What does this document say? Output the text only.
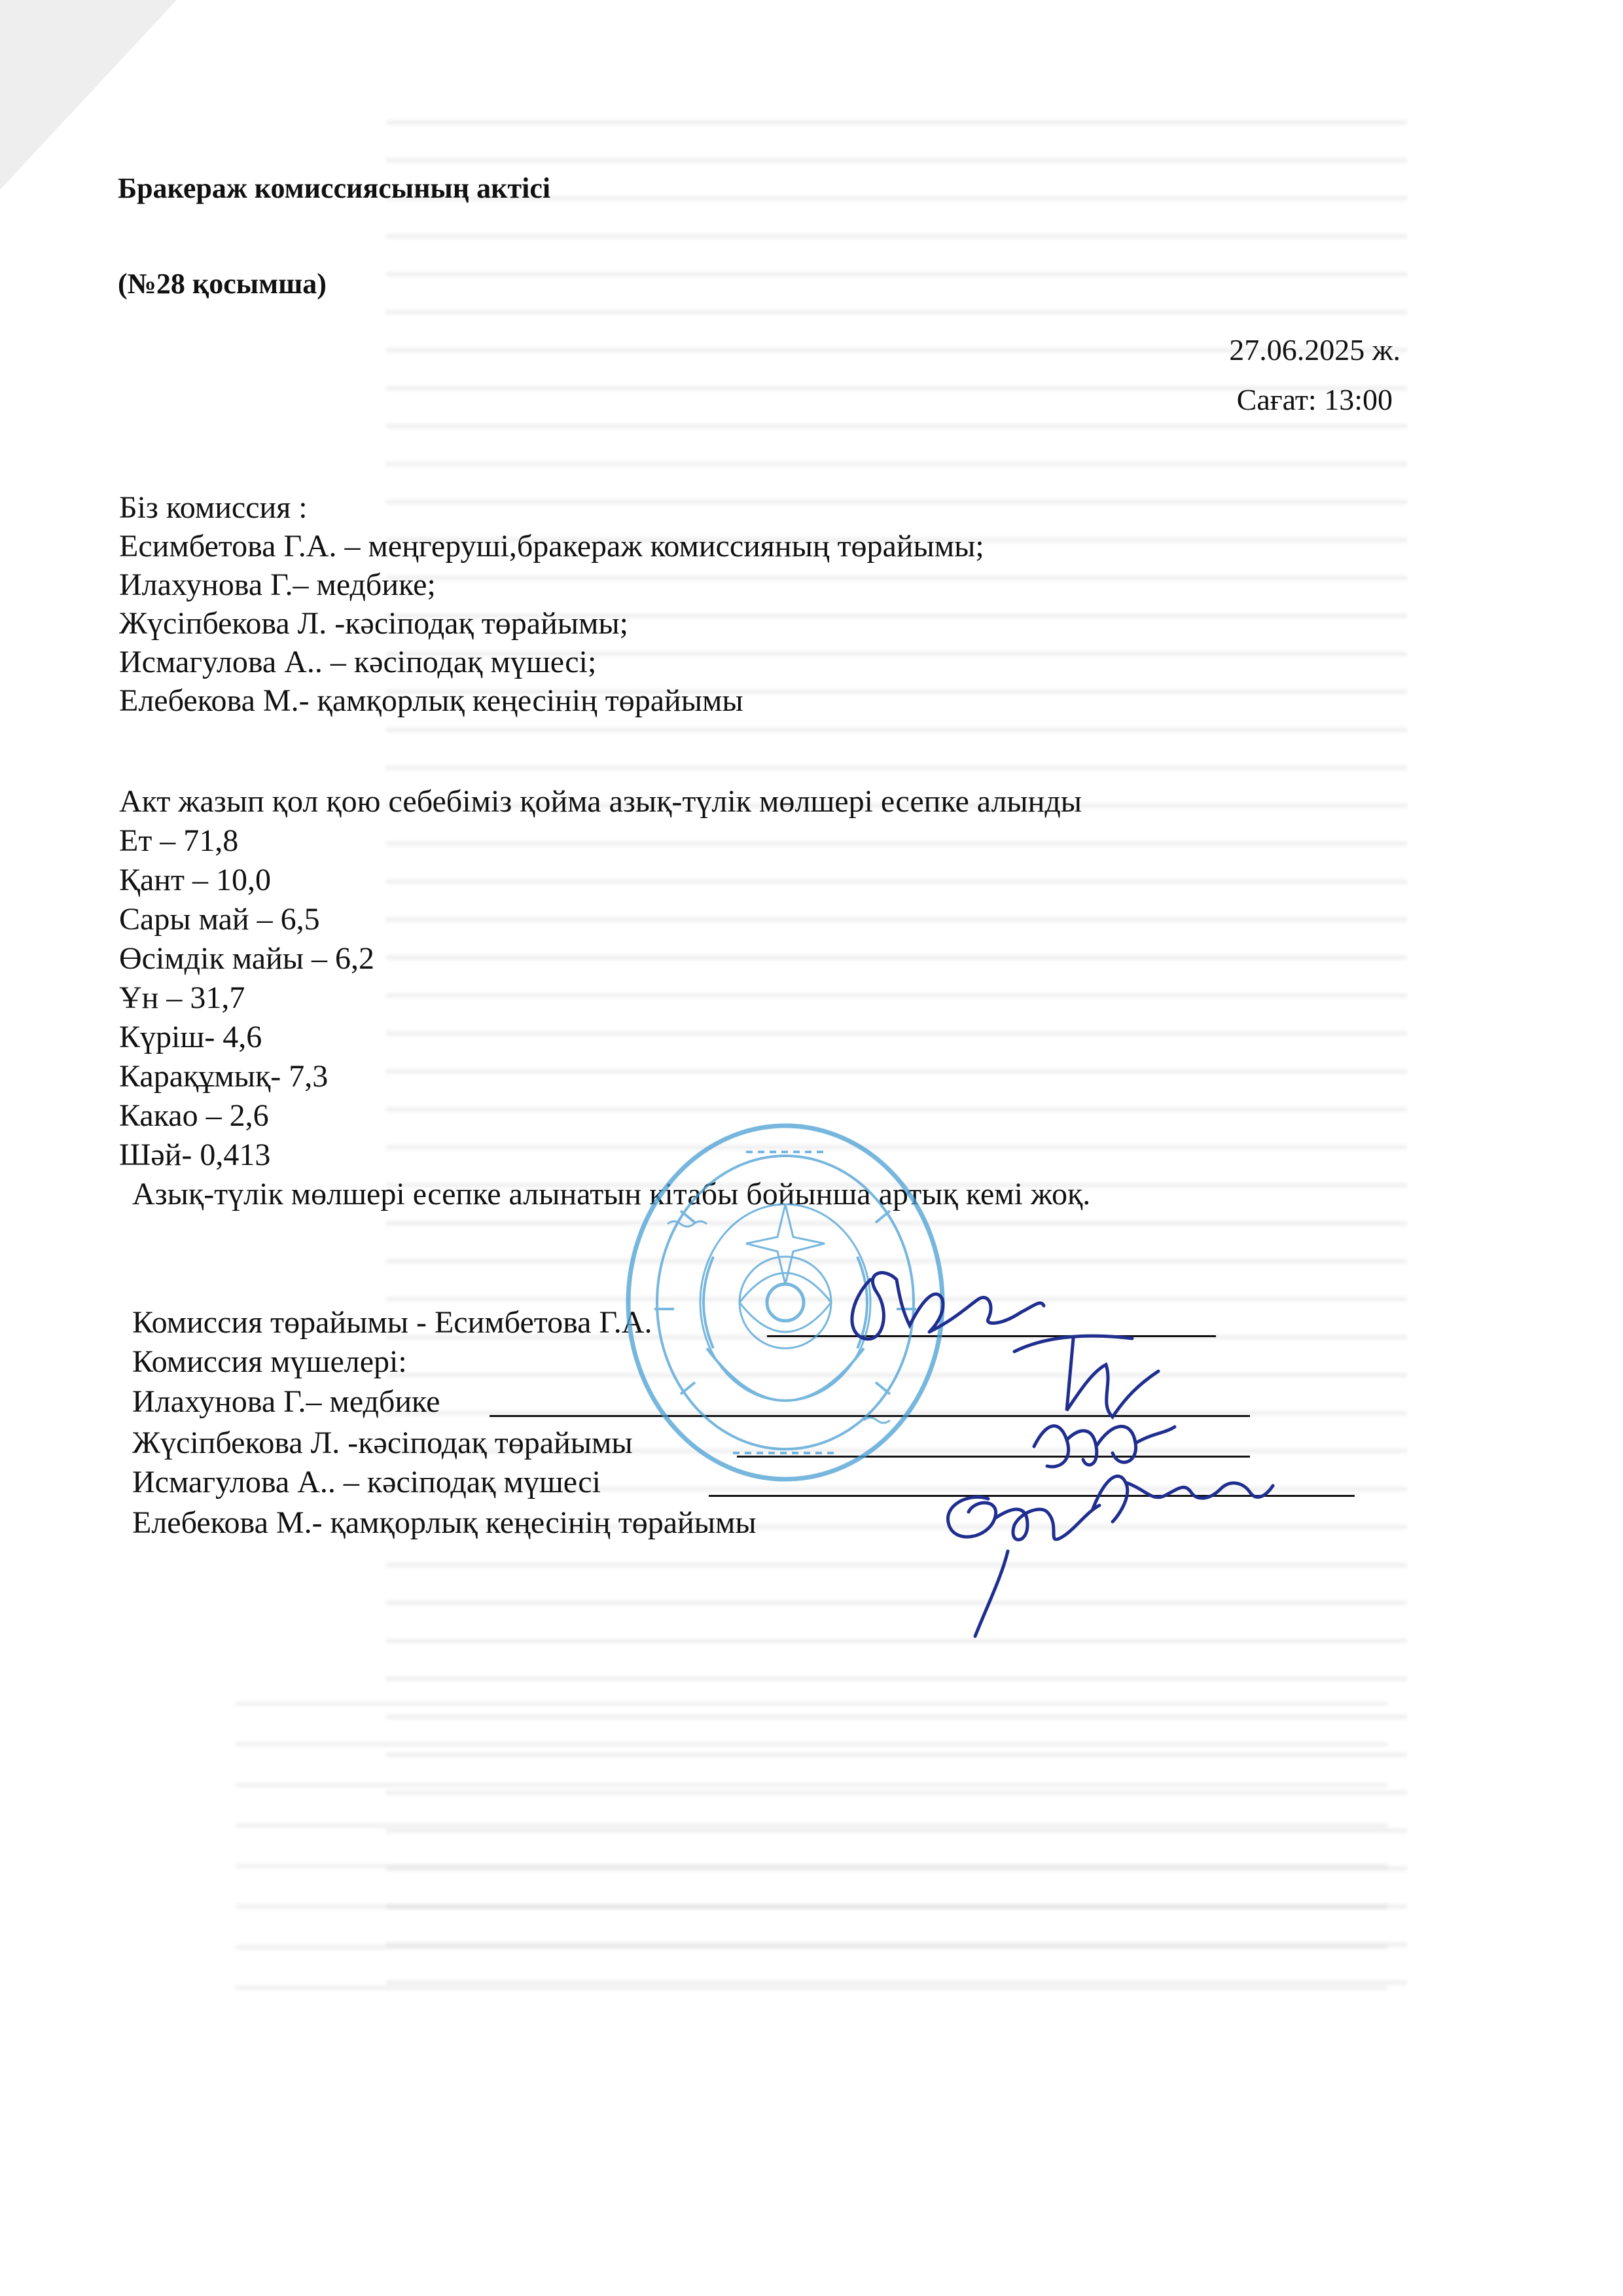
Бракераж комиссиясының актісі
(№28 қосымша)
27.06.2025 ж.
Сағат: 13:00
Біз комиссия :
Есимбетова Г.А. – меңгеруші,бракераж комиссияның төрайымы;
Илахунова Г.– медбике;
Жүсіпбекова Л. -кәсіподақ төрайымы;
Исмагулова А.. – кәсіподақ мүшесі;
Елебекова М.- қамқорлық кеңесінің төрайымы
Акт жазып қол қою себебіміз қойма азық-түлік мөлшері есепке алынды
Ет – 71,8
Қант – 10,0
Сары май – 6,5
Өсімдік майы – 6,2
Ұн – 31,7
Күріш- 4,6
Карақұмық- 7,3
Какао – 2,6
Шәй- 0,413
Азық-түлік мөлшері есепке алынатын кітабы бойынша артық кемі жоқ.
Комиссия төрайымы - Есимбетова Г.А.
Комиссия мүшелері:
Илахунова Г.– медбике
Жүсіпбекова Л. -кәсіподақ төрайымы
Исмагулова А.. – кәсіподақ мүшесі
Елебекова М.- қамқорлық кеңесінің төрайымы
